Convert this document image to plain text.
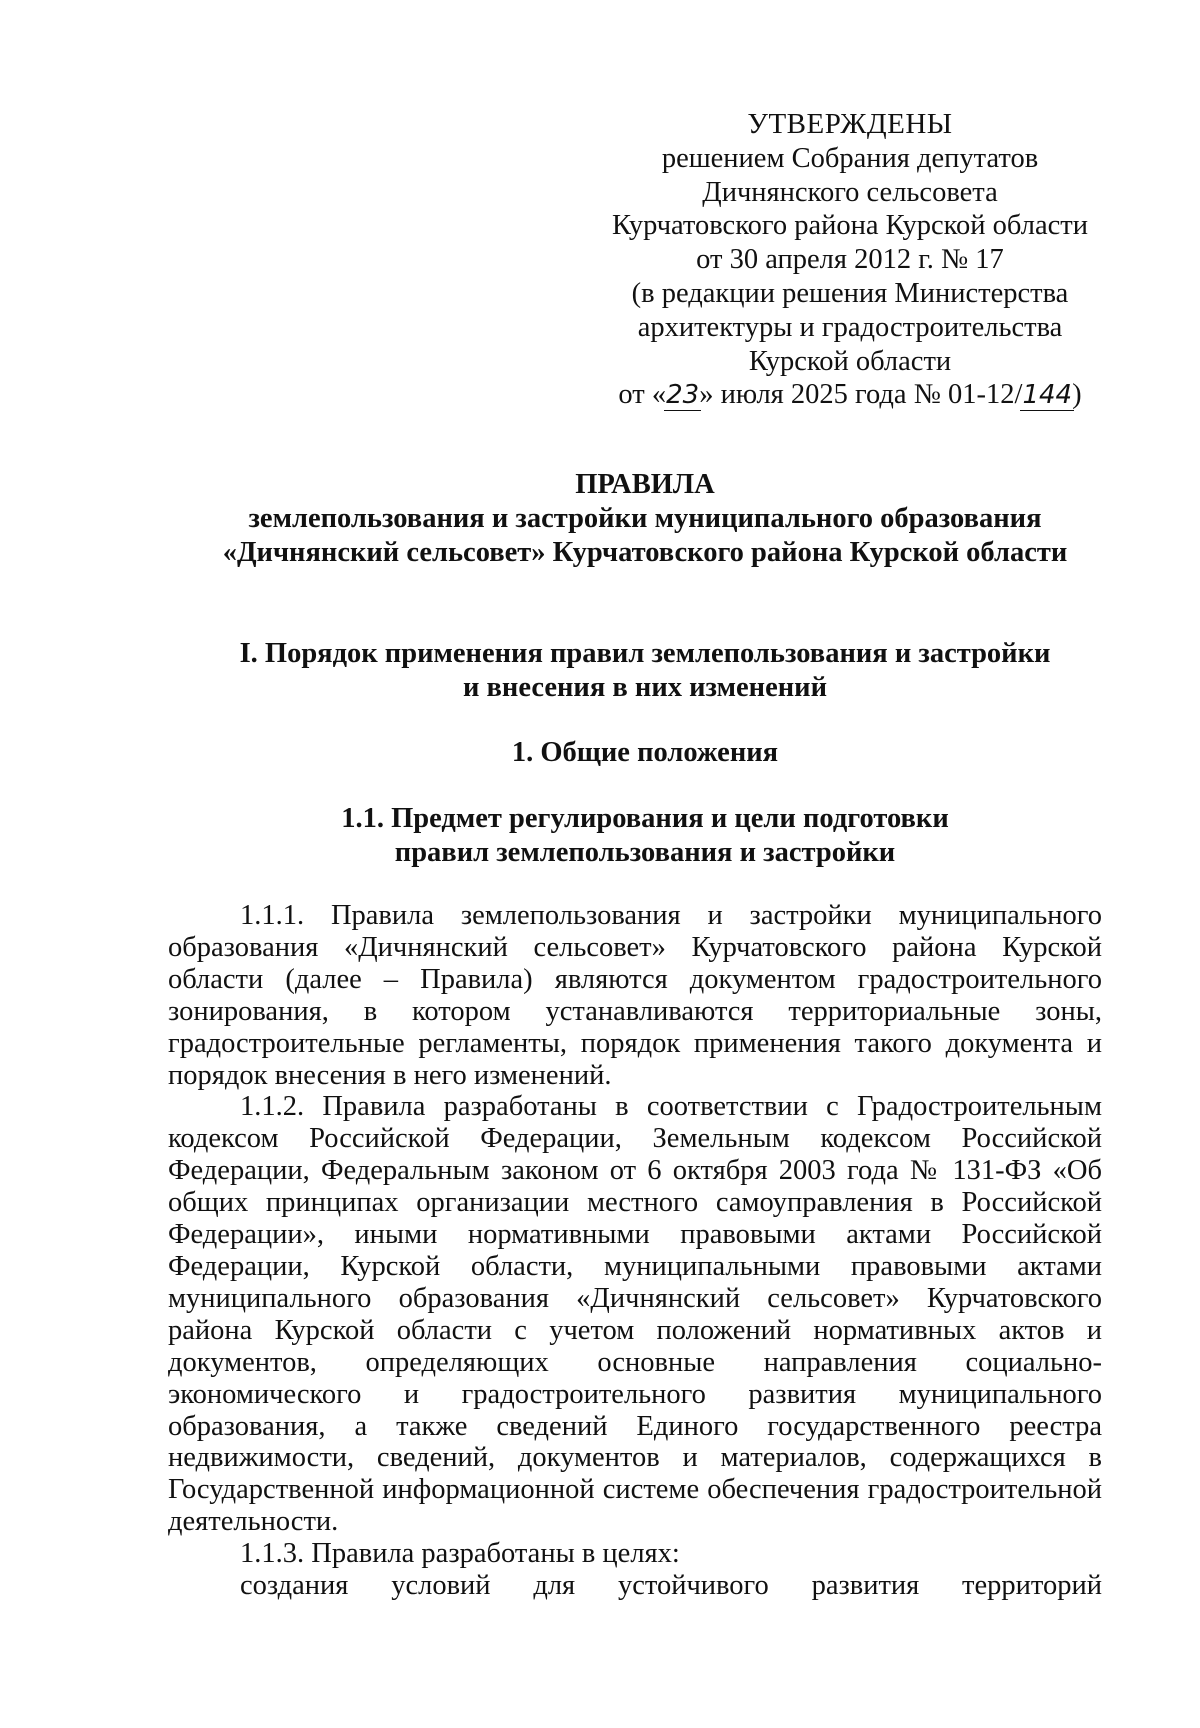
УТВЕРЖДЕНЫ
решением Собрания депутатов
Дичнянского сельсовета
Курчатовского района Курской области
от 30 апреля 2012 г. № 17
(в редакции решения Министерства
архитектуры и градостроительства
Курской области
от «23» июля 2025 года № 01-12/144)
ПРАВИЛА
землепользования и застройки муниципального образования
«Дичнянский сельсовет» Курчатовского района Курской области
I. Порядок применения правил землепользования и застройки
и внесения в них изменений
1. Общие положения
1.1. Предмет регулирования и цели подготовки
правил землепользования и застройки

1.1.1. Правила землепользования и застройки муниципального образования «Дичнянский сельсовет» Курчатовского района Курской области (далее – Правила) являются документом градостроительного зонирования, в котором устанавливаются территориальные зоны, градостроительные регламенты, порядок применения такого документа и порядок внесения в него изменений.

1.1.2. Правила разработаны в соответствии с Градостроительным кодексом Российской Федерации, Земельным кодексом Российской Федерации, Федеральным законом от 6 октября 2003 года № 131-ФЗ «Об общих принципах организации местного самоуправления в Российской Федерации», иными нормативными правовыми актами Российской Федерации, Курской области, муниципальными правовыми актами муниципального образования «Дичнянский сельсовет» Курчатовского района Курской области с учетом положений нормативных актов и документов, определяющих основные направления социально-экономического и градостроительного развития муниципального образования, а также сведений Единого государственного реестра недвижимости, сведений, документов и материалов, содержащихся в Государственной информационной системе обеспечения градостроительной деятельности.

1.1.3. Правила разработаны в целях:

создания условий для устойчивого развития территорий
